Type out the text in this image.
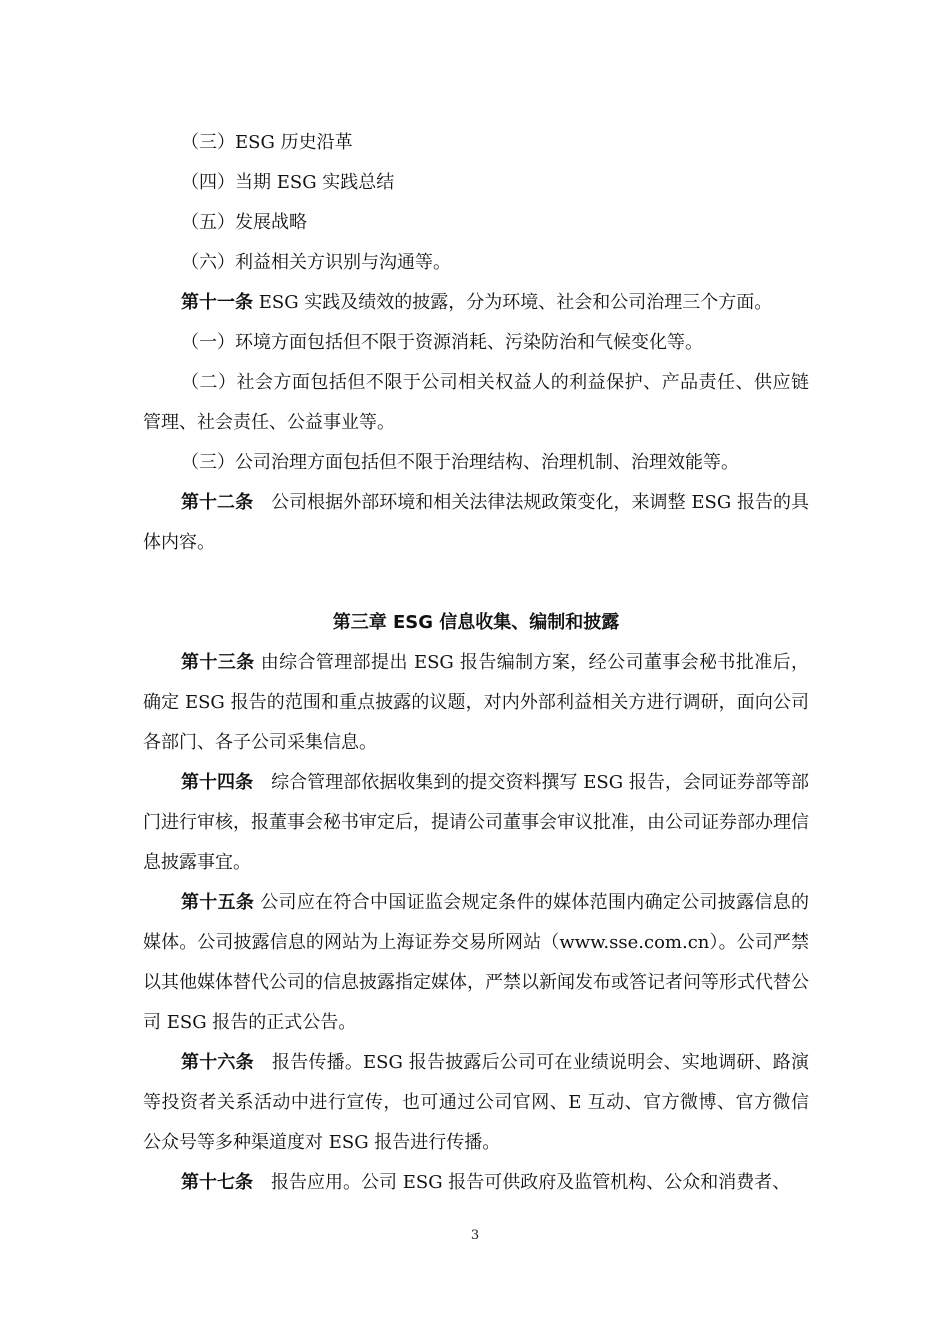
（三）ESG 历史沿革

（四）当期 ESG 实践总结

（五）发展战略

（六）利益相关方识别与沟通等。

第十一条 ESG 实践及绩效的披露，分为环境、社会和公司治理三个方面。

（一）环境方面包括但不限于资源消耗、污染防治和气候变化等。

（二）社会方面包括但不限于公司相关权益人的利益保护、产品责任、供应链管理、社会责任、公益事业等。

（三）公司治理方面包括但不限于治理结构、治理机制、治理效能等。

第十二条　公司根据外部环境和相关法律法规政策变化，来调整 ESG 报告的具体内容。

第三章 ESG 信息收集、编制和披露

第十三条 由综合管理部提出 ESG 报告编制方案，经公司董事会秘书批准后，确定 ESG 报告的范围和重点披露的议题，对内外部利益相关方进行调研，面向公司各部门、各子公司采集信息。

第十四条　综合管理部依据收集到的提交资料撰写 ESG 报告，会同证券部等部门进行审核，报董事会秘书审定后，提请公司董事会审议批准，由公司证券部办理信息披露事宜。

第十五条 公司应在符合中国证监会规定条件的媒体范围内确定公司披露信息的媒体。公司披露信息的网站为上海证券交易所网站（www.sse.com.cn）。公司严禁以其他媒体替代公司的信息披露指定媒体，严禁以新闻发布或答记者问等形式代替公司 ESG 报告的正式公告。

第十六条　报告传播。ESG 报告披露后公司可在业绩说明会、实地调研、路演等投资者关系活动中进行宣传，也可通过公司官网、E 互动、官方微博、官方微信公众号等多种渠道度对 ESG 报告进行传播。

第十七条　报告应用。公司 ESG 报告可供政府及监管机构、公众和消费者、

3
